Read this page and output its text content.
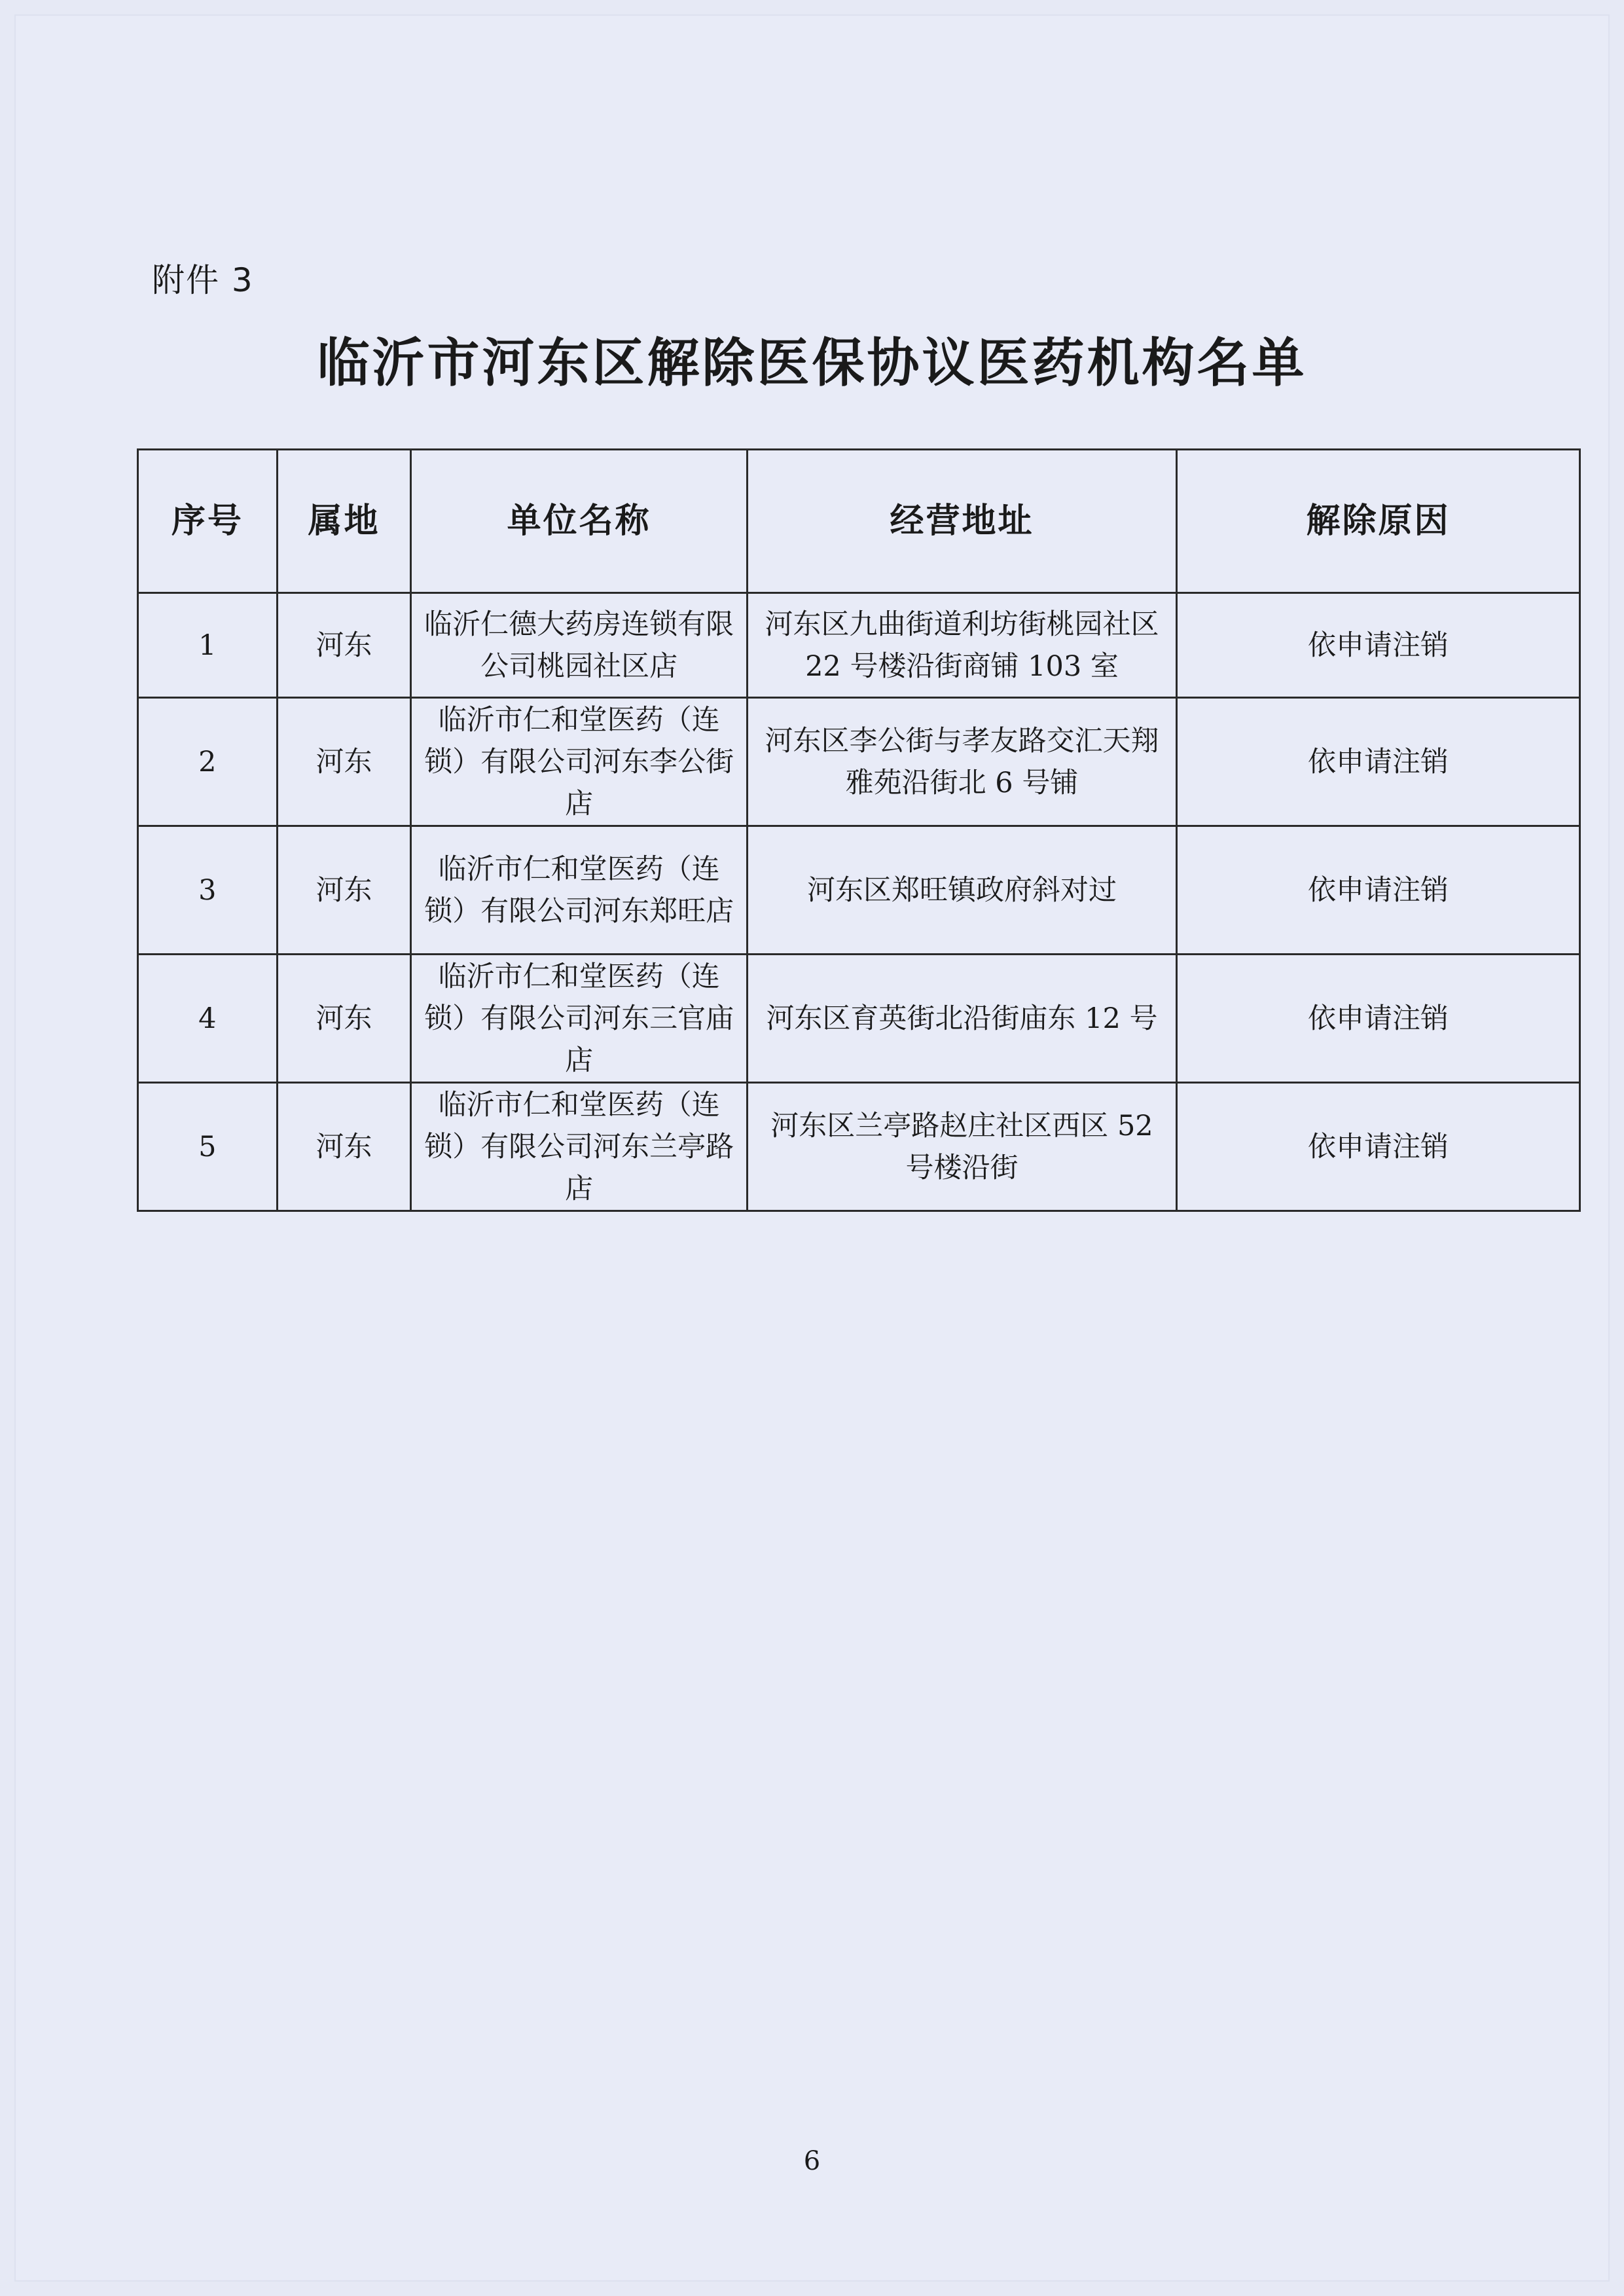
附件 3
临沂市河东区解除医保协议医药机构名单
序号	属地	单位名称	经营地址	解除原因
1	河东	临沂仁德大药房连锁有限公司桃园社区店	河东区九曲街道利坊街桃园社区 22 号楼沿街商铺 103 室	依申请注销
2	河东	临沂市仁和堂医药（连锁）有限公司河东李公街店	河东区李公街与孝友路交汇天翔雅苑沿街北 6 号铺	依申请注销
3	河东	临沂市仁和堂医药（连锁）有限公司河东郑旺店	河东区郑旺镇政府斜对过	依申请注销
4	河东	临沂市仁和堂医药（连锁）有限公司河东三官庙店	河东区育英街北沿街庙东 12 号	依申请注销
5	河东	临沂市仁和堂医药（连锁）有限公司河东兰亭路店	河东区兰亭路赵庄社区西区 52 号楼沿街	依申请注销
6
